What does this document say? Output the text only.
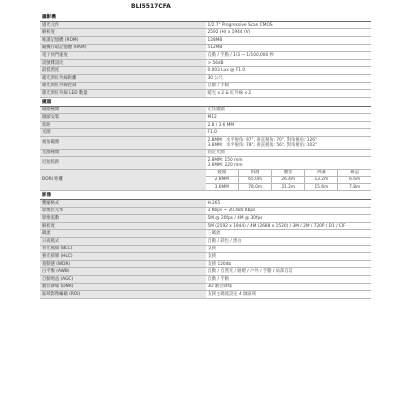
BLI5517CFA
攝影機
感光元件	1/2.7" Progressive Scan CMOS

解析度	2592 (H) x 1944 (V)

唯讀記憶體 (ROM)	128MB

隨機存取記憶體 (RAM)	512MB

電子快門速度	自動 / 手動 / 1/3 ~ 1/100,000 秒

訊號雜訊比	> 56dB

最低照度	0.003 Lux @ F1.0

暖光與紅外線距離	30 公尺

暖光與紅外線控制	自動 / 手動

暖光與紅外線 LED 數量	暖光 x 2 & 紅外線 x 2

鏡頭
鏡頭種類	定焦鏡頭

鏡頭安裝	M12

焦距	2.8 / 3.6 MM

光圈	F1.0

視角範圍	2.8MM：水平視角: 97°, 垂直視角: 70°, 對角視角: 126°
3.6MM：水平視角: 78°, 垂直視角: 56°, 對角視角: 102°

光圈種類	固定光圈

近拍焦距	2.8MM: 150 mm
3.6MM: 220 mm

DORI 距離	
鏡頭	偵測	觀察	辨識	確認
2.8MM	65.0m	26.4m	13.2m	6.6m
3.6MM	78.0m	31.2m	15.6m	7.8m

影像
壓縮格式	H.265

影像位元率	3 Kbps ~ 20,480 Kbps

影像張數	5M @ 20fps / 4M @ 30fps

解析度	5M (2592 x 1944) / 4M (2688 x 1520) / 3M / 2M / 720P / D1 / CIF

碼流	三碼流

日夜模式	自動 / 彩色 / 黑白

背光補償 (BLC)	支援

強光抑制 (HLC)	支援

寬動態 (WDR)	支援 120db

白平衡 (AWB)	自動 / 自然光 / 路燈 / 戶外 / 手動 / 局部自訂

自動增益 (AGC)	自動 / 手動

數位降噪 (DNR)	3D 數位降噪

區域影像編碼 (ROI)	支援主碼流設定 4 個區域
